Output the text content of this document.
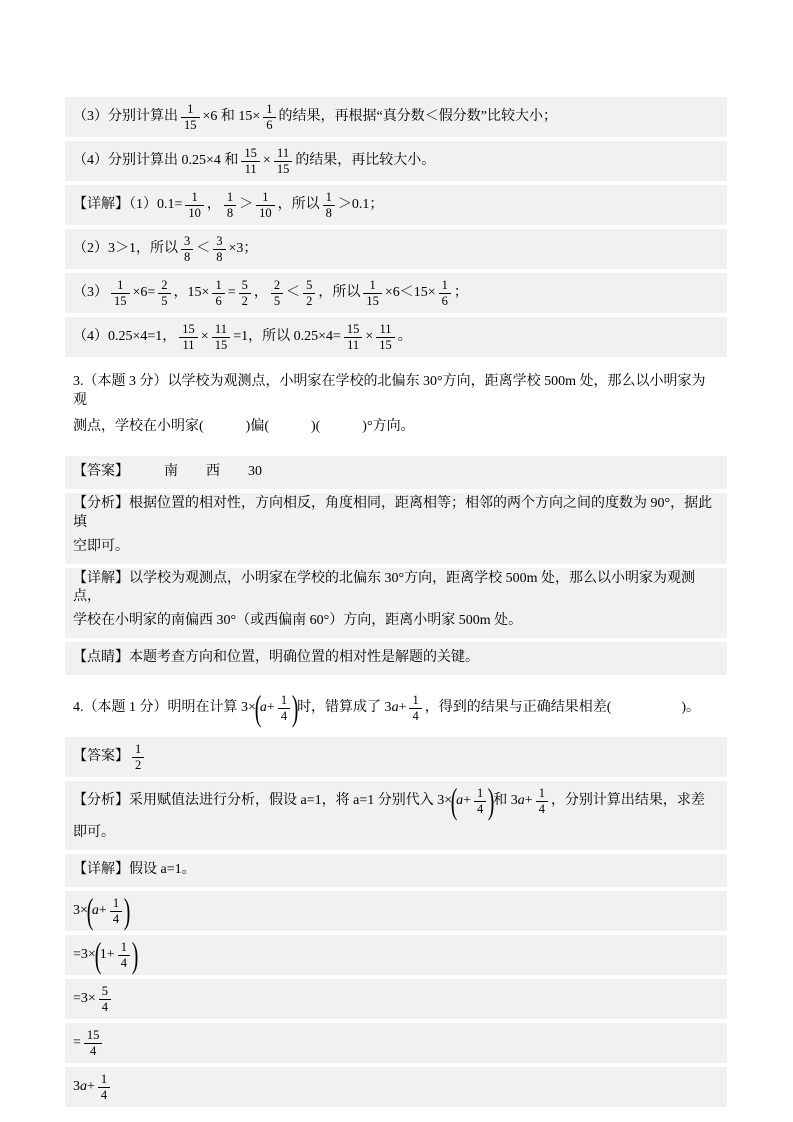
（3）分别计算出 $\frac{1}{15} \times 6$ 和 $15\times \frac{1}{6}$ 的结果，再根据“真分数＜假分数”比较大小；
（4）分别计算出 0.25×4 和 $\frac{15}{11} \times \frac{11}{15}$ 的结果，再比较大小。
【详解】$(1)0.1= \frac{1}{10}$ ， $\frac{1}{8} > \frac{1}{10}$ ，所以 $\frac{1}{8} >0.1$；
（2）3＞1，所以 $\frac{3}{8} < \frac{3}{8} \times 3$；
$(3) \frac{1}{15} \times 6= \frac{2}{5}$ ，$15\times \frac{1}{6} = \frac{5}{2}$ ， $\frac{2}{5} < \frac{5}{2}$ ，所以 $\frac{1}{15} \times 6<15\times \frac{1}{6}$ ；
（4）0.25×4=1， $\frac{15}{11} \times \frac{11}{15} =1$，所以 $0.25\times 4= \frac{15}{11} \times \frac{11}{15}$ 。
3.（本题 3 分）以学校为观测点，小明家在学校的北偏东 30°方向，距离学校 500m 处，那么以小明家为观
测点，学校在小明家(　　　)偏(　　　)(　　　)°方向。
【答案】　　　南　　西　　30
【分析】根据位置的相对性，方向相反，角度相同，距离相等；相邻的两个方向之间的度数为 90°，据此填
空即可。
【详解】以学校为观测点，小明家在学校的北偏东 30°方向，距离学校 500m 处，那么以小明家为观测点，
学校在小明家的南偏西 30°（或西偏南 60°）方向，距离小明家 500m 处。
【点睛】本题考查方向和位置，明确位置的相对性是解题的关键。
4.（本题 1 分）明明在计算 3×
(
$a + \frac{1}{4}$ )
时，错算成了 3 $a + \frac{1}{4}$ ，得到的结果与正确结果相差(　　　　　)。
【答案】 $\frac{1}{2}$
【分析】采用赋值法进行分析，假设 a=1，将 a=1 分别代入 3×
(
$a + \frac{1}{4}$ )
和 3 $a + \frac{1}{4}$ ，分别计算出结果，求差
即可。
【详解】假设 a=1。
3×
(
$a + \frac{1}{4}$ )
=3×
(
$1+ \frac{1}{4}$ )
$=3\times \frac{5}{4}$
= $\frac{15}{4}$
3 $a + \frac{1}{4}$
